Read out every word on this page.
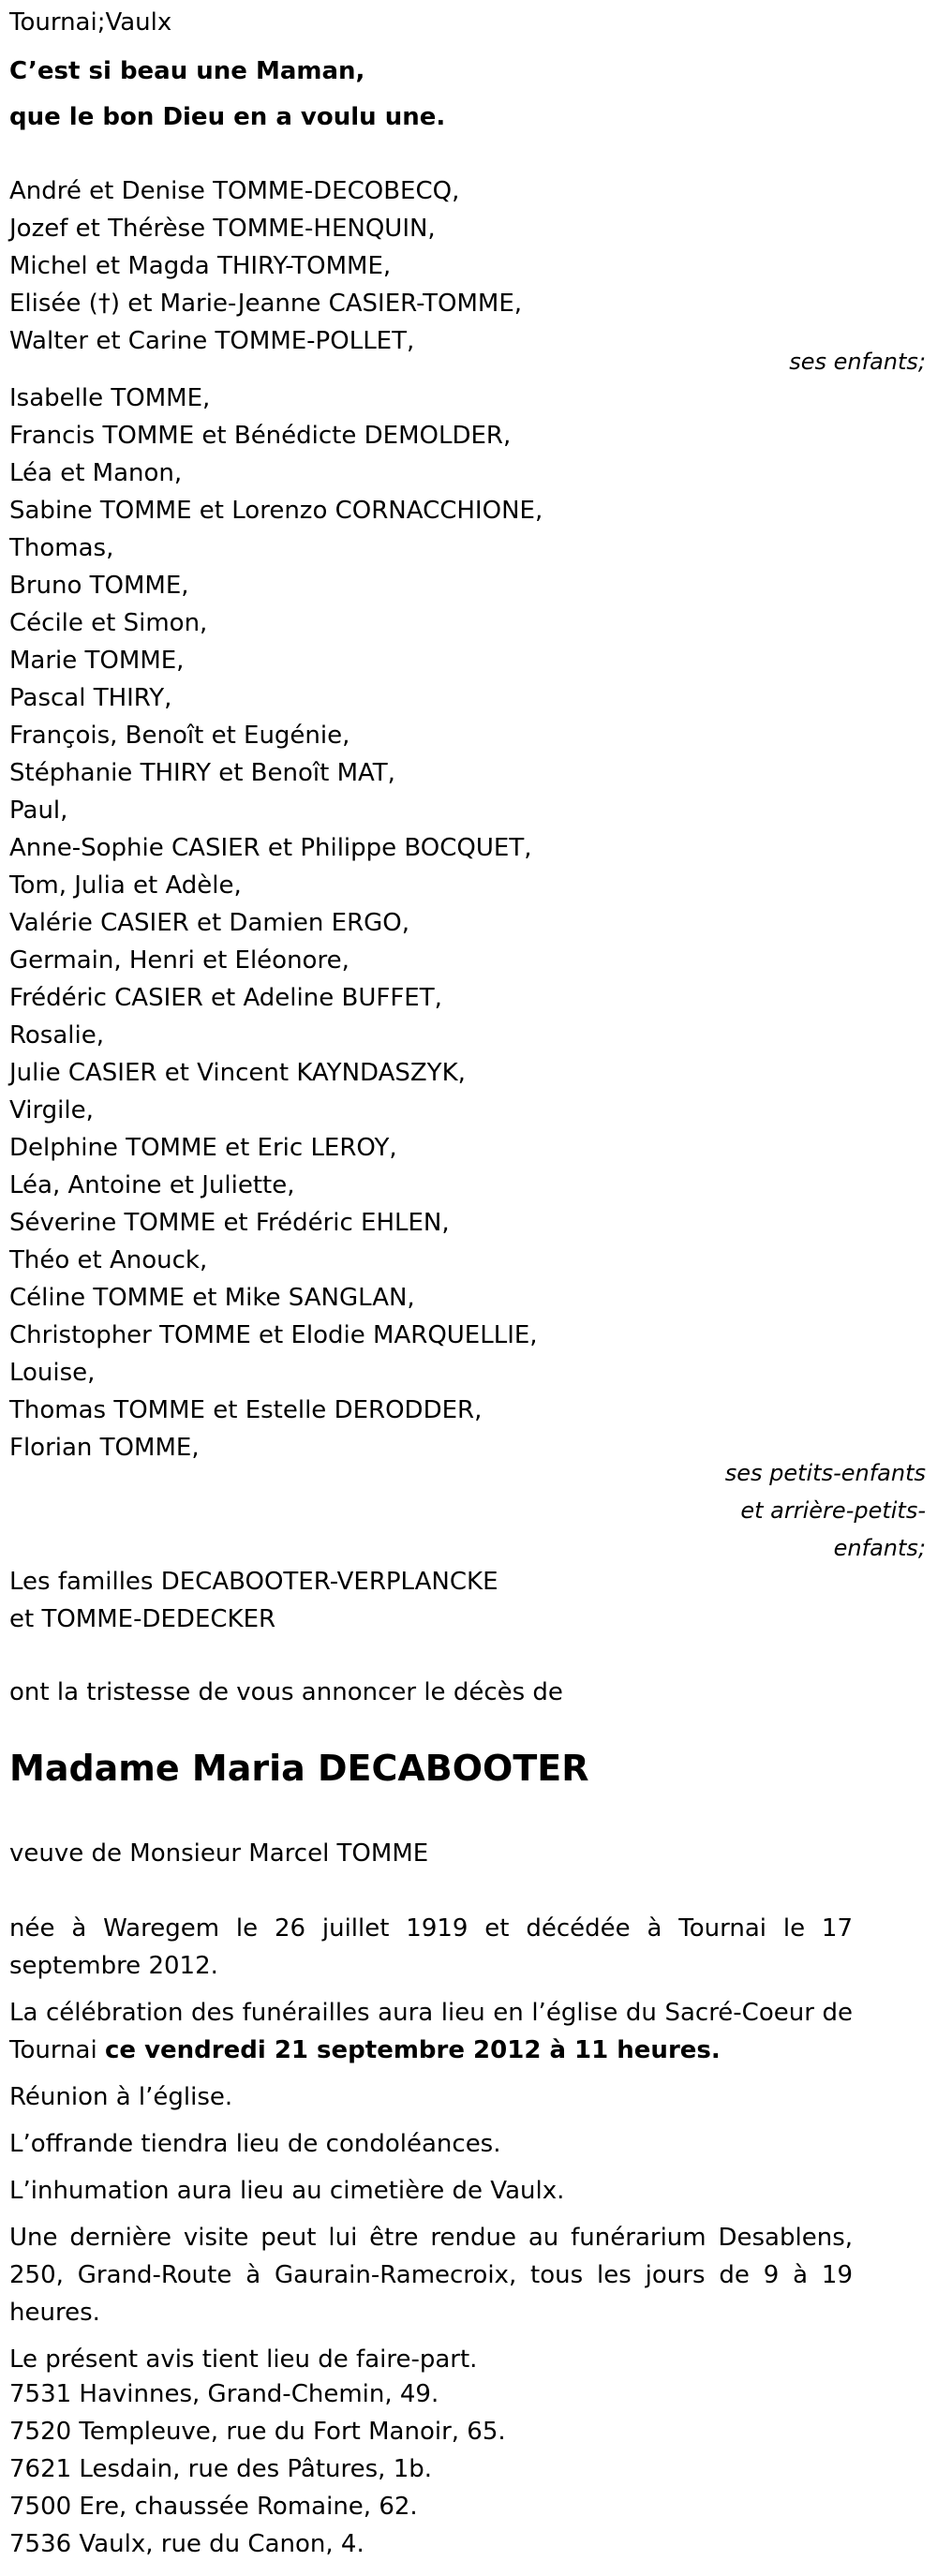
Tournai;Vaulx
C’est si beau une Maman,
que le bon Dieu en a voulu une.
André et Denise TOMME-DECOBECQ,
Jozef et Thérèse TOMME-HENQUIN,
Michel et Magda THIRY-TOMME,
Elisée (†) et Marie-Jeanne CASIER-TOMME,
Walter et Carine TOMME-POLLET,
ses enfants;
Isabelle TOMME,
Francis TOMME et Bénédicte DEMOLDER,
Léa et Manon,
Sabine TOMME et Lorenzo CORNACCHIONE,
Thomas,
Bruno TOMME,
Cécile et Simon,
Marie TOMME,
Pascal THIRY,
François, Benoît et Eugénie,
Stéphanie THIRY et Benoît MAT,
Paul,
Anne-Sophie CASIER et Philippe BOCQUET,
Tom, Julia et Adèle,
Valérie CASIER et Damien ERGO,
Germain, Henri et Eléonore,
Frédéric CASIER et Adeline BUFFET,
Rosalie,
Julie CASIER et Vincent KAYNDASZYK,
Virgile,
Delphine TOMME et Eric LEROY,
Léa, Antoine et Juliette,
Séverine TOMME et Frédéric EHLEN,
Théo et Anouck,
Céline TOMME et Mike SANGLAN,
Christopher TOMME et Elodie MARQUELLIE,
Louise,
Thomas TOMME et Estelle DERODDER,
Florian TOMME,
ses petits-enfants
et arrière-petits-
enfants;
Les familles DECABOOTER-VERPLANCKE
et TOMME-DEDECKER
ont la tristesse de vous annoncer le décès de
Madame Maria DECABOOTER
veuve de Monsieur Marcel TOMME
née à Waregem le 26 juillet 1919 et décédée à Tournai le 17 septembre 2012.
La célébration des funérailles aura lieu en l’église du Sacré-Coeur de Tournai ce vendredi 21 septembre 2012 à 11 heures.
Réunion à l’église.
L’offrande tiendra lieu de condoléances.
L’inhumation aura lieu au cimetière de Vaulx.
Une dernière visite peut lui être rendue au funérarium Desablens, 250, Grand-Route à Gaurain-Ramecroix, tous les jours de 9 à 19 heures.
Le présent avis tient lieu de faire-part.
7531 Havinnes, Grand-Chemin, 49.
7520 Templeuve, rue du Fort Manoir, 65.
7621 Lesdain, rue des Pâtures, 1b.
7500 Ere, chaussée Romaine, 62.
7536 Vaulx, rue du Canon, 4.
